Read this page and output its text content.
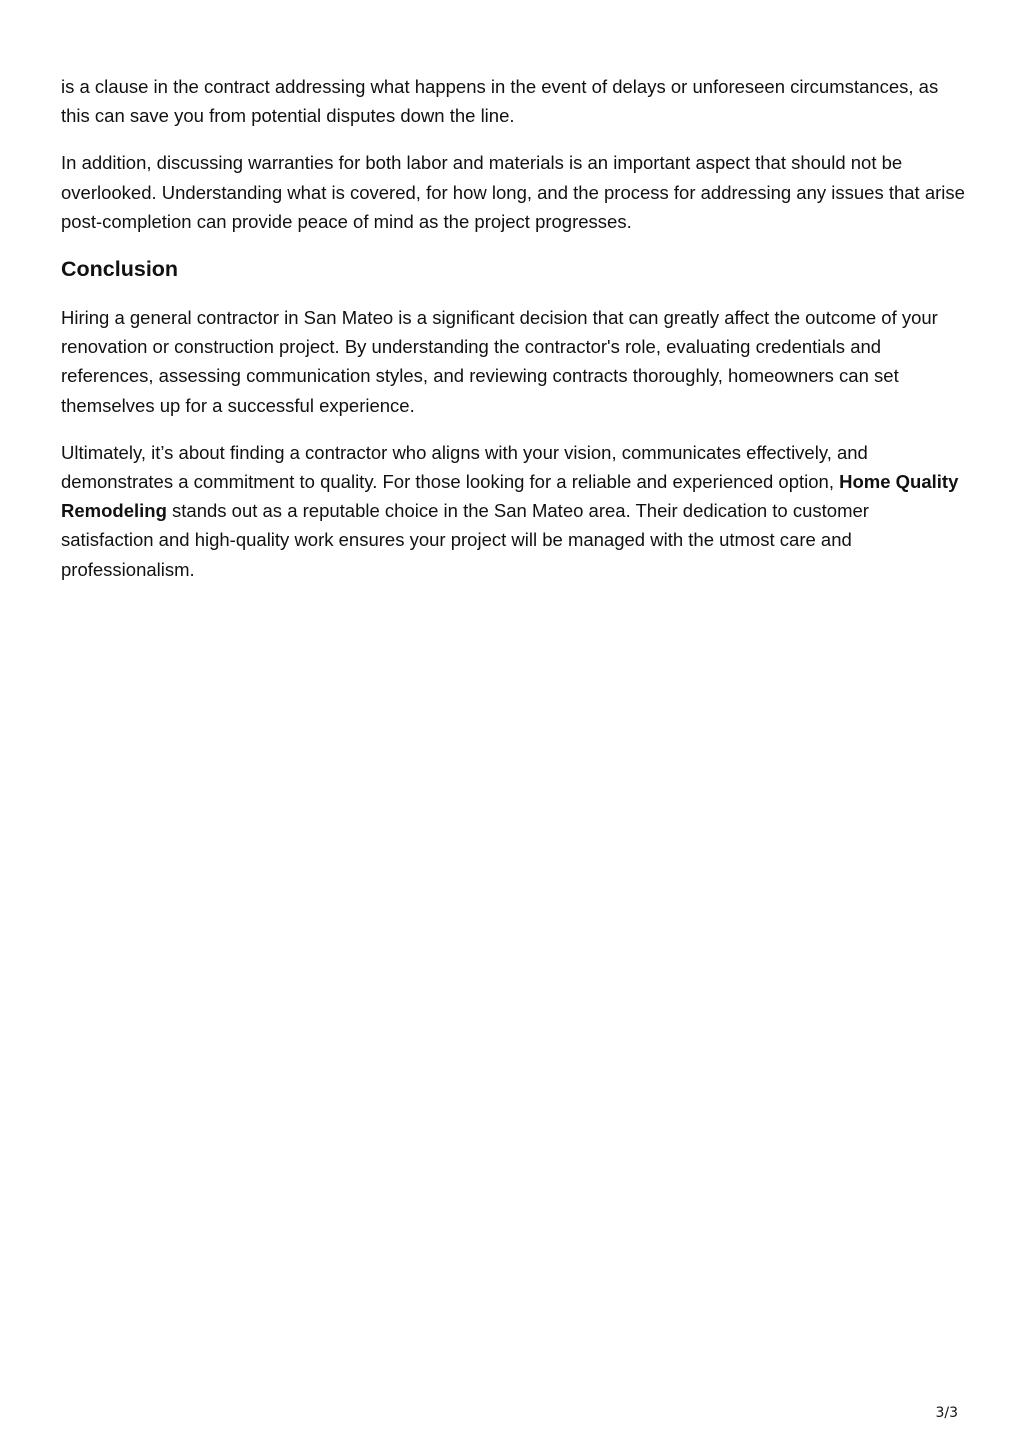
is a clause in the contract addressing what happens in the event of delays or unforeseen circumstances, as this can save you from potential disputes down the line.

In addition, discussing warranties for both labor and materials is an important aspect that should not be overlooked. Understanding what is covered, for how long, and the process for addressing any issues that arise post-completion can provide peace of mind as the project progresses.

Conclusion

Hiring a general contractor in San Mateo is a significant decision that can greatly affect the outcome of your renovation or construction project. By understanding the contractor's role, evaluating credentials and references, assessing communication styles, and reviewing contracts thoroughly, homeowners can set themselves up for a successful experience.

Ultimately, it’s about finding a contractor who aligns with your vision, communicates effectively, and demonstrates a commitment to quality. For those looking for a reliable and experienced option, Home Quality Remodeling stands out as a reputable choice in the San Mateo area. Their dedication to customer satisfaction and high-quality work ensures your project will be managed with the utmost care and professionalism.

3/3
